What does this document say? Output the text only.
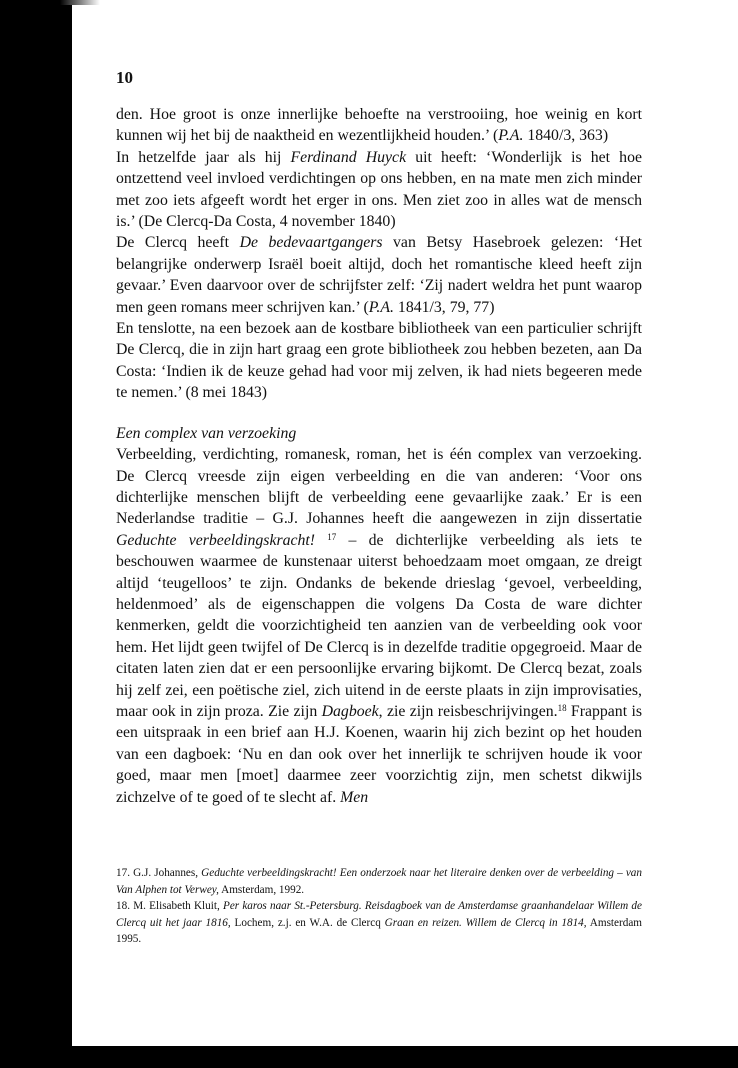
10

den. Hoe groot is onze innerlijke behoefte na verstrooiing, hoe weinig en kort kunnen wij het bij de naaktheid en wezentlijkheid houden.’ (P.A. 1840/3, 363)

In hetzelfde jaar als hij Ferdinand Huyck uit heeft: ‘Wonderlijk is het hoe ontzettend veel invloed verdichtingen op ons hebben, en na mate men zich minder met zoo iets afgeeft wordt het erger in ons. Men ziet zoo in alles wat de mensch is.’ (De Clercq-Da Costa, 4 november 1840)

De Clercq heeft De bedevaartgangers van Betsy Hasebroek gelezen: ‘Het belangrijke onderwerp Israël boeit altijd, doch het romantische kleed heeft zijn gevaar.’ Even daarvoor over de schrijfster zelf: ‘Zij nadert weldra het punt waarop men geen romans meer schrijven kan.’ (P.A. 1841/3, 79, 77)

En tenslotte, na een bezoek aan de kostbare bibliotheek van een particulier schrijft De Clercq, die in zijn hart graag een grote bibliotheek zou hebben bezeten, aan Da Costa: ‘Indien ik de keuze gehad had voor mij zelven, ik had niets begeeren mede te nemen.’ (8 mei 1843)

Een complex van verzoeking

Verbeelding, verdichting, romanesk, roman, het is één complex van verzoeking. De Clercq vreesde zijn eigen verbeelding en die van anderen: ‘Voor ons dichterlijke menschen blijft de verbeelding eene gevaarlijke zaak.’ Er is een Nederlandse traditie – G.J. Johannes heeft die aangewezen in zijn dissertatie Geduchte verbeeldingskracht! $^{17}$ – de dichterlijke verbeelding als iets te beschouwen waarmee de kunstenaar uiterst behoedzaam moet omgaan, ze dreigt altijd ‘teugelloos’ te zijn. Ondanks de bekende drieslag ‘gevoel, verbeelding, heldenmoed’ als de eigenschappen die volgens Da Costa de ware dichter kenmerken, geldt die voorzichtigheid ten aanzien van de verbeelding ook voor hem. Het lijdt geen twijfel of De Clercq is in dezelfde traditie opgegroeid. Maar de citaten laten zien dat er een persoonlijke ervaring bijkomt. De Clercq bezat, zoals hij zelf zei, een poëtische ziel, zich uitend in de eerste plaats in zijn improvisaties, maar ook in zijn proza. Zie zijn Dagboek, zie zijn reisbeschrijvingen.$^{18}$ Frappant is een uitspraak in een brief aan H.J. Koenen, waarin hij zich bezint op het houden van een dagboek: ‘Nu en dan ook over het innerlijk te schrijven houde ik voor goed, maar men [moet] daarmee zeer voorzichtig zijn, men schetst dikwijls zichzelve of te goed of te slecht af. Men

17. G.J. Johannes, Geduchte verbeeldingskracht! Een onderzoek naar het literaire denken over de verbeelding – van Van Alphen tot Verwey, Amsterdam, 1992.

18. M. Elisabeth Kluit, Per karos naar St.-Petersburg. Reisdagboek van de Amsterdamse graanhandelaar Willem de Clercq uit het jaar 1816, Lochem, z.j. en W.A. de Clercq Graan en reizen. Willem de Clercq in 1814, Amsterdam 1995.
